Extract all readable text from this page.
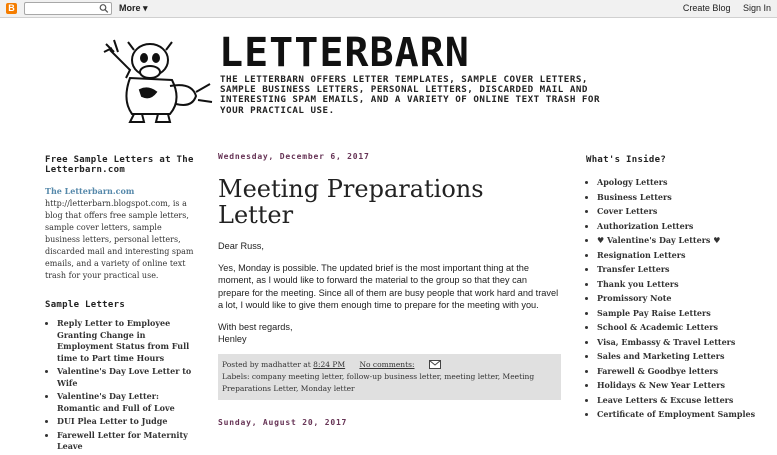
B	More ▾	Create Blog Sign In
LETTERBARN
THE LETTERBARN OFFERS LETTER TEMPLATES, SAMPLE COVER LETTERS, SAMPLE BUSINESS LETTERS, PERSONAL LETTERS, DISCARDED MAIL AND INTERESTING SPAM EMAILS, AND A VARIETY OF ONLINE TEXT TRASH FOR YOUR PRACTICAL USE.
Free Sample Letters at The Letterbarn.com

The Letterbarn.com
http://letterbarn.blogspot.com, is a blog that offers free sample letters, sample cover letters, sample business letters, personal letters, discarded mail and interesting spam emails, and a variety of online text trash for your practical use.

Sample Letters
• Reply Letter to Employee Granting Change in Employment Status from Full time to Part time Hours
• Valentine's Day Love Letter to Wife
• Valentine's Day Letter: Romantic and Full of Love
• DUI Plea Letter to Judge
• Farewell Letter for Maternity Leave
Wednesday, December 6, 2017
Meeting Preparations Letter

Dear Russ,

Yes, Monday is possible. The updated brief is the most important thing at the moment, as I would like to forward the material to the group so that they can prepare for the meeting. Since all of them are busy people that work hard and travel a lot, I would like to give them enough time to prepare for the meeting with you.

With best regards,
Henley

Posted by madhatter at 8:24 PM No comments:
Labels: company meeting letter, follow-up business letter, meeting letter, Meeting Preparations Letter, Monday letter
Sunday, August 20, 2017
What's Inside?
• Apology Letters
• Business Letters
• Cover Letters
• Authorization Letters
• ♥ Valentine's Day Letters ♥
• Resignation Letters
• Transfer Letters
• Thank you Letters
• Promissory Note
• Sample Pay Raise Letters
• School & Academic Letters
• Visa, Embassy & Travel Letters
• Sales and Marketing Letters
• Farewell & Goodbye letters
• Holidays & New Year Letters
• Leave Letters & Excuse letters
• Certificate of Employment Samples
